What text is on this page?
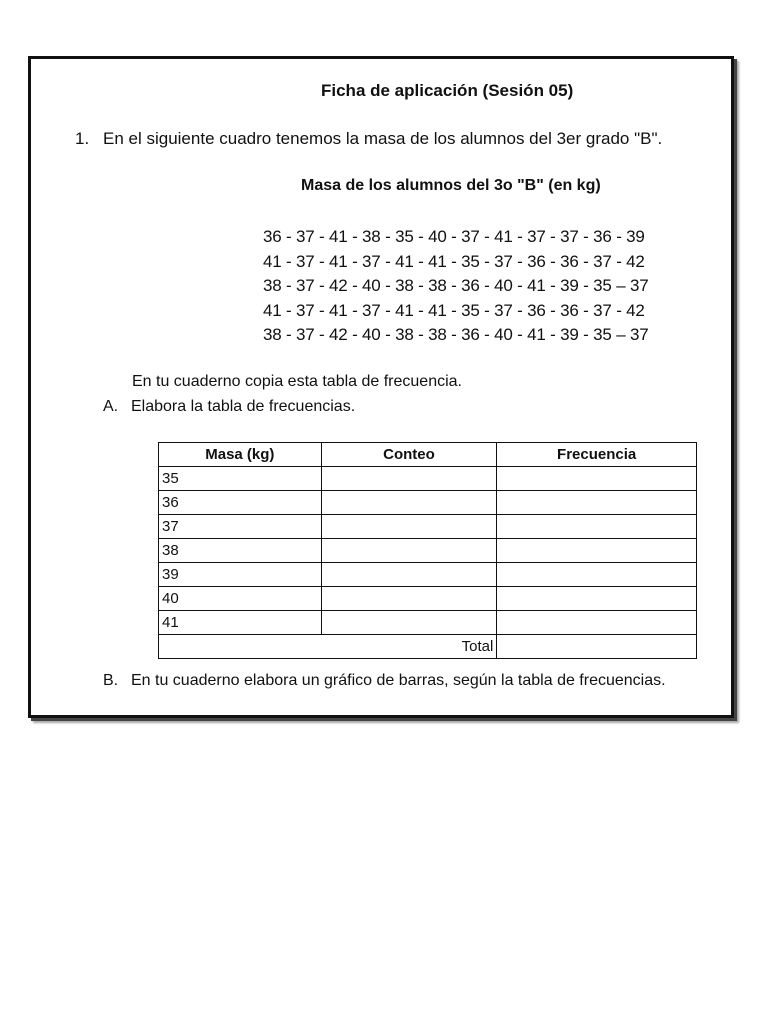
Ficha de aplicación (Sesión 05)
1. En el siguiente cuadro tenemos la masa de los alumnos del 3er grado "B".
Masa de los alumnos del 3o "B" (en kg)
36 - 37 - 41 - 38 - 35 - 40 - 37 - 41 - 37 - 37 - 36 - 39
41 - 37 - 41 - 37 - 41 - 41 - 35 - 37 - 36 - 36 - 37 - 42
38 - 37 - 42 - 40 - 38 - 38 - 36 - 40 - 41 - 39 - 35 – 37
41 - 37 - 41 - 37 - 41 - 41 - 35 - 37 - 36 - 36 - 37 - 42
38 - 37 - 42 - 40 - 38 - 38 - 36 - 40 - 41 - 39 - 35 – 37
En tu cuaderno copia esta tabla de frecuencia.
A. Elabora la tabla de frecuencias.
Masa (kg)	Conteo	Frecuencia
35		
36		
37		
38		
39		
40		
41		
Total		
B. En tu cuaderno elabora un gráfico de barras, según la tabla de frecuencias.
